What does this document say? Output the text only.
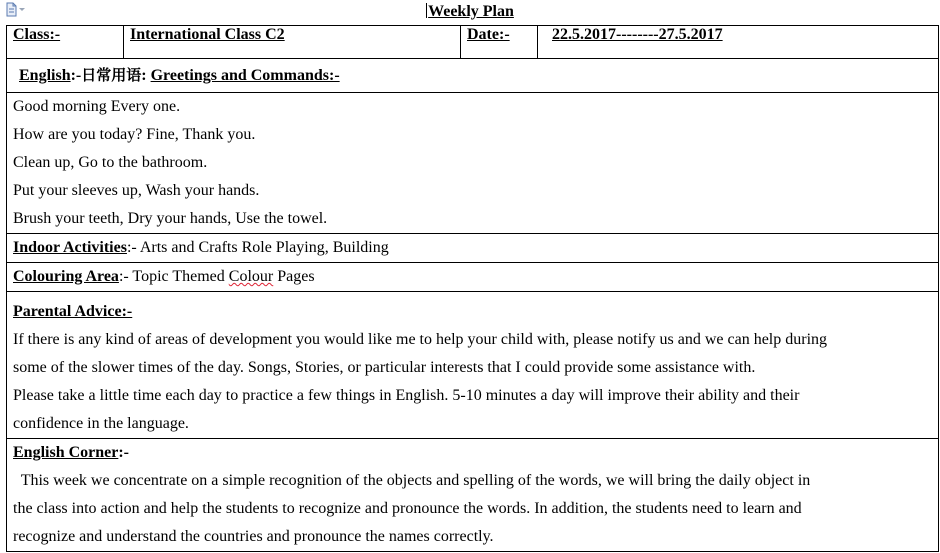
Weekly Plan
Class:-	International Class C2	Date:-	22.5.2017--------27.5.2017
English:-日常用语: Greetings and Commands:-

Good morning Every one.
How are you today? Fine, Thank you.
Clean up, Go to the bathroom.
Put your sleeves up, Wash your hands.
Brush your teeth, Dry your hands, Use the towel.

Indoor Activities:- Arts and Crafts Role Playing, Building
Colouring Area:- Topic Themed Colour Pages

Parental Advice:-
If there is any kind of areas of development you would like me to help your child with, please notify us and we can help during
some of the slower times of the day. Songs, Stories, or particular interests that I could provide some assistance with.
Please take a little time each day to practice a few things in English. 5-10 minutes a day will improve their ability and their
confidence in the language.

English Corner:-
This week we concentrate on a simple recognition of the objects and spelling of the words, we will bring the daily object in
the class into action and help the students to recognize and pronounce the words. In addition, the students need to learn and
recognize and understand the countries and pronounce the names correctly.
